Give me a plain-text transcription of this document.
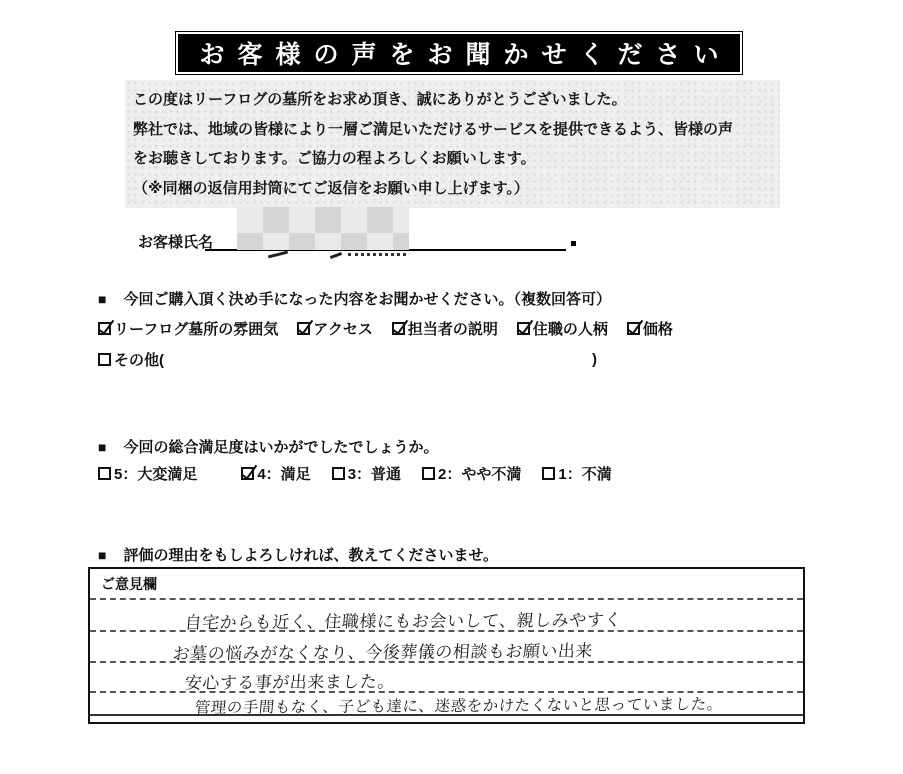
お客様の声をお聞かせください
この度はリーフログの墓所をお求め頂き、誠にありがとうございました。
弊社では、地域の皆様により一層ご満足いただけるサービスを提供できるよう、皆様の声
をお聴きしております。ご協力の程よろしくお願いします。
（※同梱の返信用封筒にてご返信をお願い申し上げます。）
お客様氏名
■ 今回ご購入頂く決め手になった内容をお聞かせください。（複数回答可）
リーフログ墓所の雰囲気 アクセス 担当者の説明 住職の人柄 価格
その他(	)
■ 今回の総合満足度はいかがでしたでしょうか。
5：大変満足	4：満足 3：普通 2：やや不満 1：不満
■ 評価の理由をもしよろしければ、教えてくださいませ。
ご意見欄
自宅からも近く、住職様にもお会いして、親しみやすく
お墓の悩みがなくなり、今後葬儀の相談もお願い出来
安心する事が出来ました。
管理の手間もなく、子ども達に、迷惑をかけたくないと思っていました。
